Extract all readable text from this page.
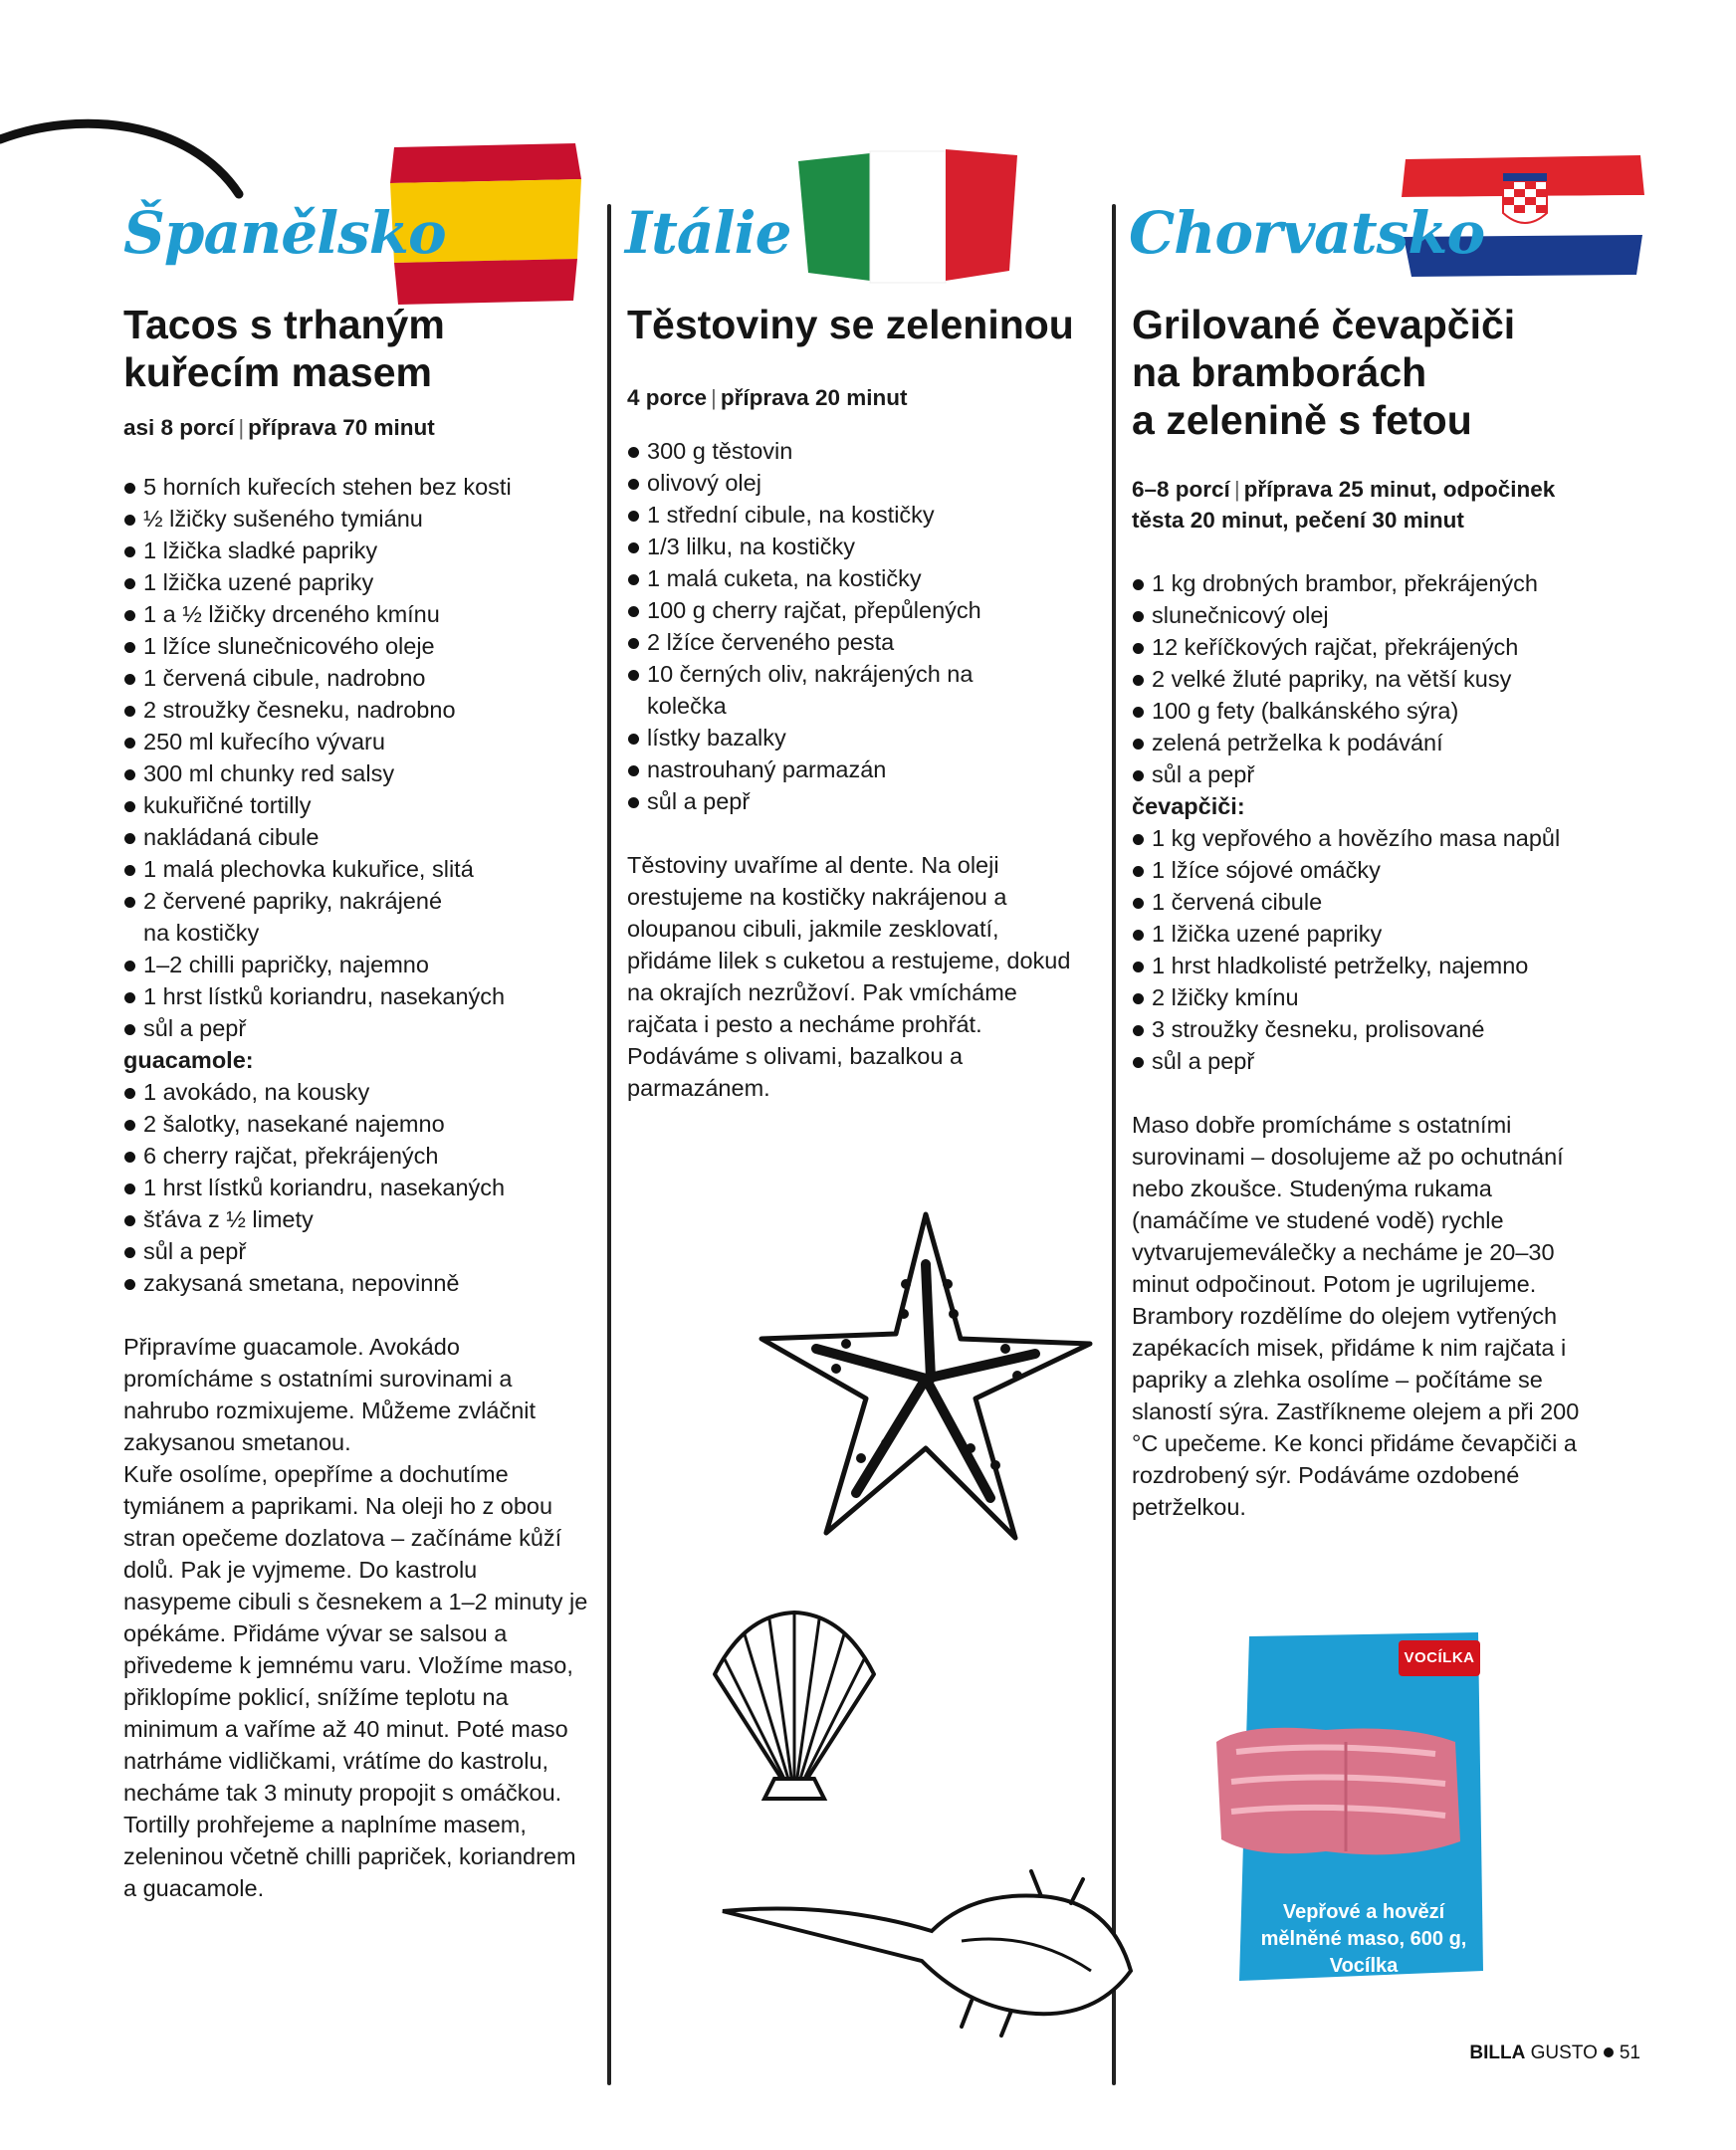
Španělsko	Itálie	Chorvatsko
Tacos s trhaným
kuřecím masem

asi 8 porcí | příprava 70 minut

5 horních kuřecích stehen bez kosti
½ lžičky sušeného tymiánu
1 lžička sladké papriky
1 lžička uzené papriky
1 a ½ lžičky drceného kmínu
1 lžíce slunečnicového oleje
1 červená cibule, nadrobno
2 stroužky česneku, nadrobno
250 ml kuřecího vývaru
300 ml chunky red salsy
kukuřičné tortilly
nakládaná cibule
1 malá plechovka kukuřice, slitá
2 červené papriky, nakrájené na kostičky
1–2 chilli papričky, najemno
1 hrst lístků koriandru, nasekaných
sůl a pepř
guacamole:
1 avokádo, na kousky
2 šalotky, nasekané najemno
6 cherry rajčat, překrájených
1 hrst lístků koriandru, nasekaných
šťáva z ½ limety
sůl a pepř
zakysaná smetana, nepovinně

Připravíme guacamole. Avokádo promícháme s ostatními surovinami a nahrubo rozmixujeme. Můžeme zvláčnit zakysanou smetanou.

Kuře osolíme, opepříme a dochutíme tymiánem a paprikami. Na oleji ho z obou stran opečeme dozlatova – začínáme kůží dolů. Pak je vyjmeme. Do kastrolu nasypeme cibuli s česnekem a 1–2 minuty je opékáme. Přidáme vývar se salsou a přivedeme k jemnému varu. Vložíme maso, přiklopíme poklicí, snížíme teplotu na minimum a vaříme až 40 minut. Poté maso natrháme vidličkami, vrátíme do kastrolu, necháme tak 3 minuty propojit s omáčkou. Tortilly prohřejeme a naplníme masem, zeleninou včetně chilli papriček, koriandrem a guacamole.

Těstoviny se zeleninou

4 porce | příprava 20 minut

300 g těstovin
olivový olej
1 střední cibule, na kostičky
1/3 lilku, na kostičky
1 malá cuketa, na kostičky
100 g cherry rajčat, přepůlených
2 lžíce červeného pesta
10 černých oliv, nakrájených na kolečka
lístky bazalky
nastrouhaný parmazán
sůl a pepř

Těstoviny uvaříme al dente. Na oleji orestujeme na kostičky nakrájenou a oloupanou cibuli, jakmile zesklovatí, přidáme lilek s cuketou a restujeme, dokud na okrajích nezrůžoví. Pak vmícháme rajčata i pesto a necháme prohřát.

Podáváme s olivami, bazalkou a parmazánem.

Grilované čevapčiči
na bramborách
a zelenině s fetou

6–8 porcí | příprava 25 minut, odpočinek těsta 20 minut, pečení 30 minut

1 kg drobných brambor, překrájených
slunečnicový olej
12 keříčkových rajčat, překrájených
2 velké žluté papriky, na větší kusy
100 g fety (balkánského sýra)
zelená petrželka k podávání
sůl a pepř
čevapčiči:
1 kg vepřového a hovězího masa napůl
1 lžíce sójové omáčky
1 červená cibule
1 lžička uzené papriky
1 hrst hladkolisté petrželky, najemno
2 lžičky kmínu
3 stroužky česneku, prolisované
sůl a pepř

Maso dobře promícháme s ostatními surovinami – dosolujeme až po ochutnání nebo zkoušce. Studenýma rukama (namáčíme ve studené vodě) rychle vytvarujemeválečky a necháme je 20–30 minut odpočinout. Potom je ugrilujeme.

Brambory rozdělíme do olejem vytřených zapékacích misek, přidáme k nim rajčata i papriky a zlehka osolíme – počítáme se slaností sýra. Zastříkneme olejem a při 200 °C upečeme. Ke konci přidáme čevapčiči a rozdrobený sýr. Podáváme ozdobené petrželkou.

VOCÍLKA
Vepřové a hovězí mělněné maso, 600 g, Vocílka
BILLA GUSTO 51
